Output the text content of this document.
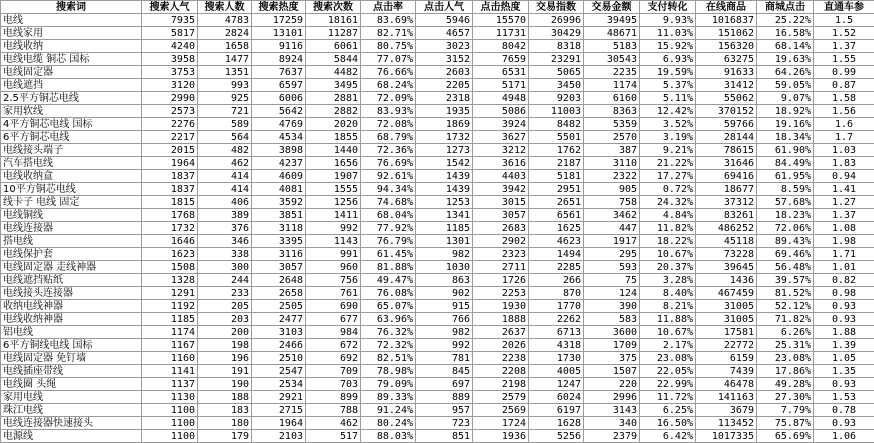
搜索词	搜索人气	搜索人数	搜索热度	搜索次数	点击率	点击人气	点击热度	交易指数	交易金额	支付转化	在线商品	商城点击	直通车参
电线	7935	4783	17259	18161	83.69%	5946	15570	26996	39495	9.93%	1016837	25.22%	1.5
电线家用	5817	2824	13101	11287	82.71%	4657	11731	30429	48671	11.03%	151062	16.58%	1.52
电线收纳	4240	1658	9116	6061	80.75%	3023	8042	8318	5183	15.92%	156320	68.14%	1.37
电线电缆 铜芯 国标	3958	1477	8924	5844	77.07%	3152	7659	23291	30543	6.93%	63275	19.63%	1.55
电线固定器	3753	1351	7637	4482	76.66%	2603	6531	5065	2235	19.59%	91633	64.26%	0.99
电线遮挡	3120	993	6597	3495	68.24%	2205	5171	3450	1174	5.37%	31412	59.05%	0.87
2.5平方铜芯电线	2990	925	6006	2881	72.09%	2318	4948	9203	6160	5.11%	55062	9.07%	1.58
家用软线	2573	721	5642	2882	83.93%	1935	5086	11003	8363	12.42%	370152	18.92%	1.56
4平方铜芯电线 国标	2276	589	4769	2020	72.08%	1869	3924	8482	5359	3.52%	59766	19.16%	1.6
6平方铜芯电线	2217	564	4534	1855	68.79%	1732	3627	5501	2570	3.19%	28144	18.34%	1.7
电线接头端子	2015	482	3898	1440	72.36%	1273	3212	1762	387	9.21%	78615	61.90%	1.03
汽车搭电线	1964	462	4237	1656	76.69%	1542	3616	2187	3110	21.22%	31646	84.49%	1.83
电线收纳盒	1837	414	4609	1907	92.61%	1439	4403	5181	2322	17.27%	69416	61.95%	0.94
10平方铜芯电线	1837	414	4081	1555	94.34%	1439	3942	2951	905	0.72%	18677	8.59%	1.41
线卡子 电线 固定	1815	406	3592	1256	74.68%	1253	3015	2651	758	24.32%	37312	57.68%	1.27
电线铜线	1768	389	3851	1411	68.04%	1341	3057	6561	3462	4.84%	83261	18.23%	1.37
电线连接器	1732	376	3118	992	77.92%	1185	2683	1625	447	11.82%	486252	72.06%	1.08
搭电线	1646	346	3395	1143	76.79%	1301	2902	4623	1917	18.22%	45118	89.43%	1.98
电线保护套	1623	338	3116	991	61.45%	982	2323	1494	295	10.67%	73228	69.46%	1.71
电线固定器 走线神器	1508	300	3057	960	81.88%	1030	2711	2285	593	20.37%	39645	56.48%	1.01
电线遮挡贴纸	1328	244	2648	756	49.47%	863	1726	266	75	3.28%	1436	39.57%	0.82
电线接头连接器	1291	233	2658	761	76.08%	902	2253	870	124	8.40%	467459	81.52%	0.98
收纳电线神器	1192	205	2505	690	65.07%	915	1930	1770	390	8.21%	31005	52.12%	0.93
电线收纳神器	1185	203	2477	677	63.96%	766	1888	2262	583	11.88%	31005	71.82%	0.93
铝电线	1174	200	3103	984	76.32%	982	2637	6713	3600	10.67%	17581	6.26%	1.88
6平方铜线电线 国标	1167	198	2466	672	72.32%	992	2026	4318	1709	2.17%	22772	25.31%	1.39
电线固定器 免钉墙	1160	196	2510	692	82.51%	781	2238	1730	375	23.08%	6159	23.08%	1.05
电线插座带线	1141	191	2547	709	78.98%	845	2208	4005	1507	22.05%	7439	17.86%	1.35
电线圈 头绳	1137	190	2534	703	79.09%	697	2198	1247	220	22.99%	46478	49.28%	0.93
家用电线	1130	188	2921	899	89.33%	889	2579	6024	2996	11.72%	141163	27.30%	1.53
珠江电线	1100	183	2715	788	91.24%	957	2569	6197	3143	6.25%	3679	7.79%	0.78
电线连接器快速接头	1100	180	1964	462	80.24%	723	1724	1628	340	16.50%	113452	75.87%	0.93
电源线	1100	179	2103	517	88.03%	851	1936	5256	2379	6.42%	1017335	65.69%	1.06
